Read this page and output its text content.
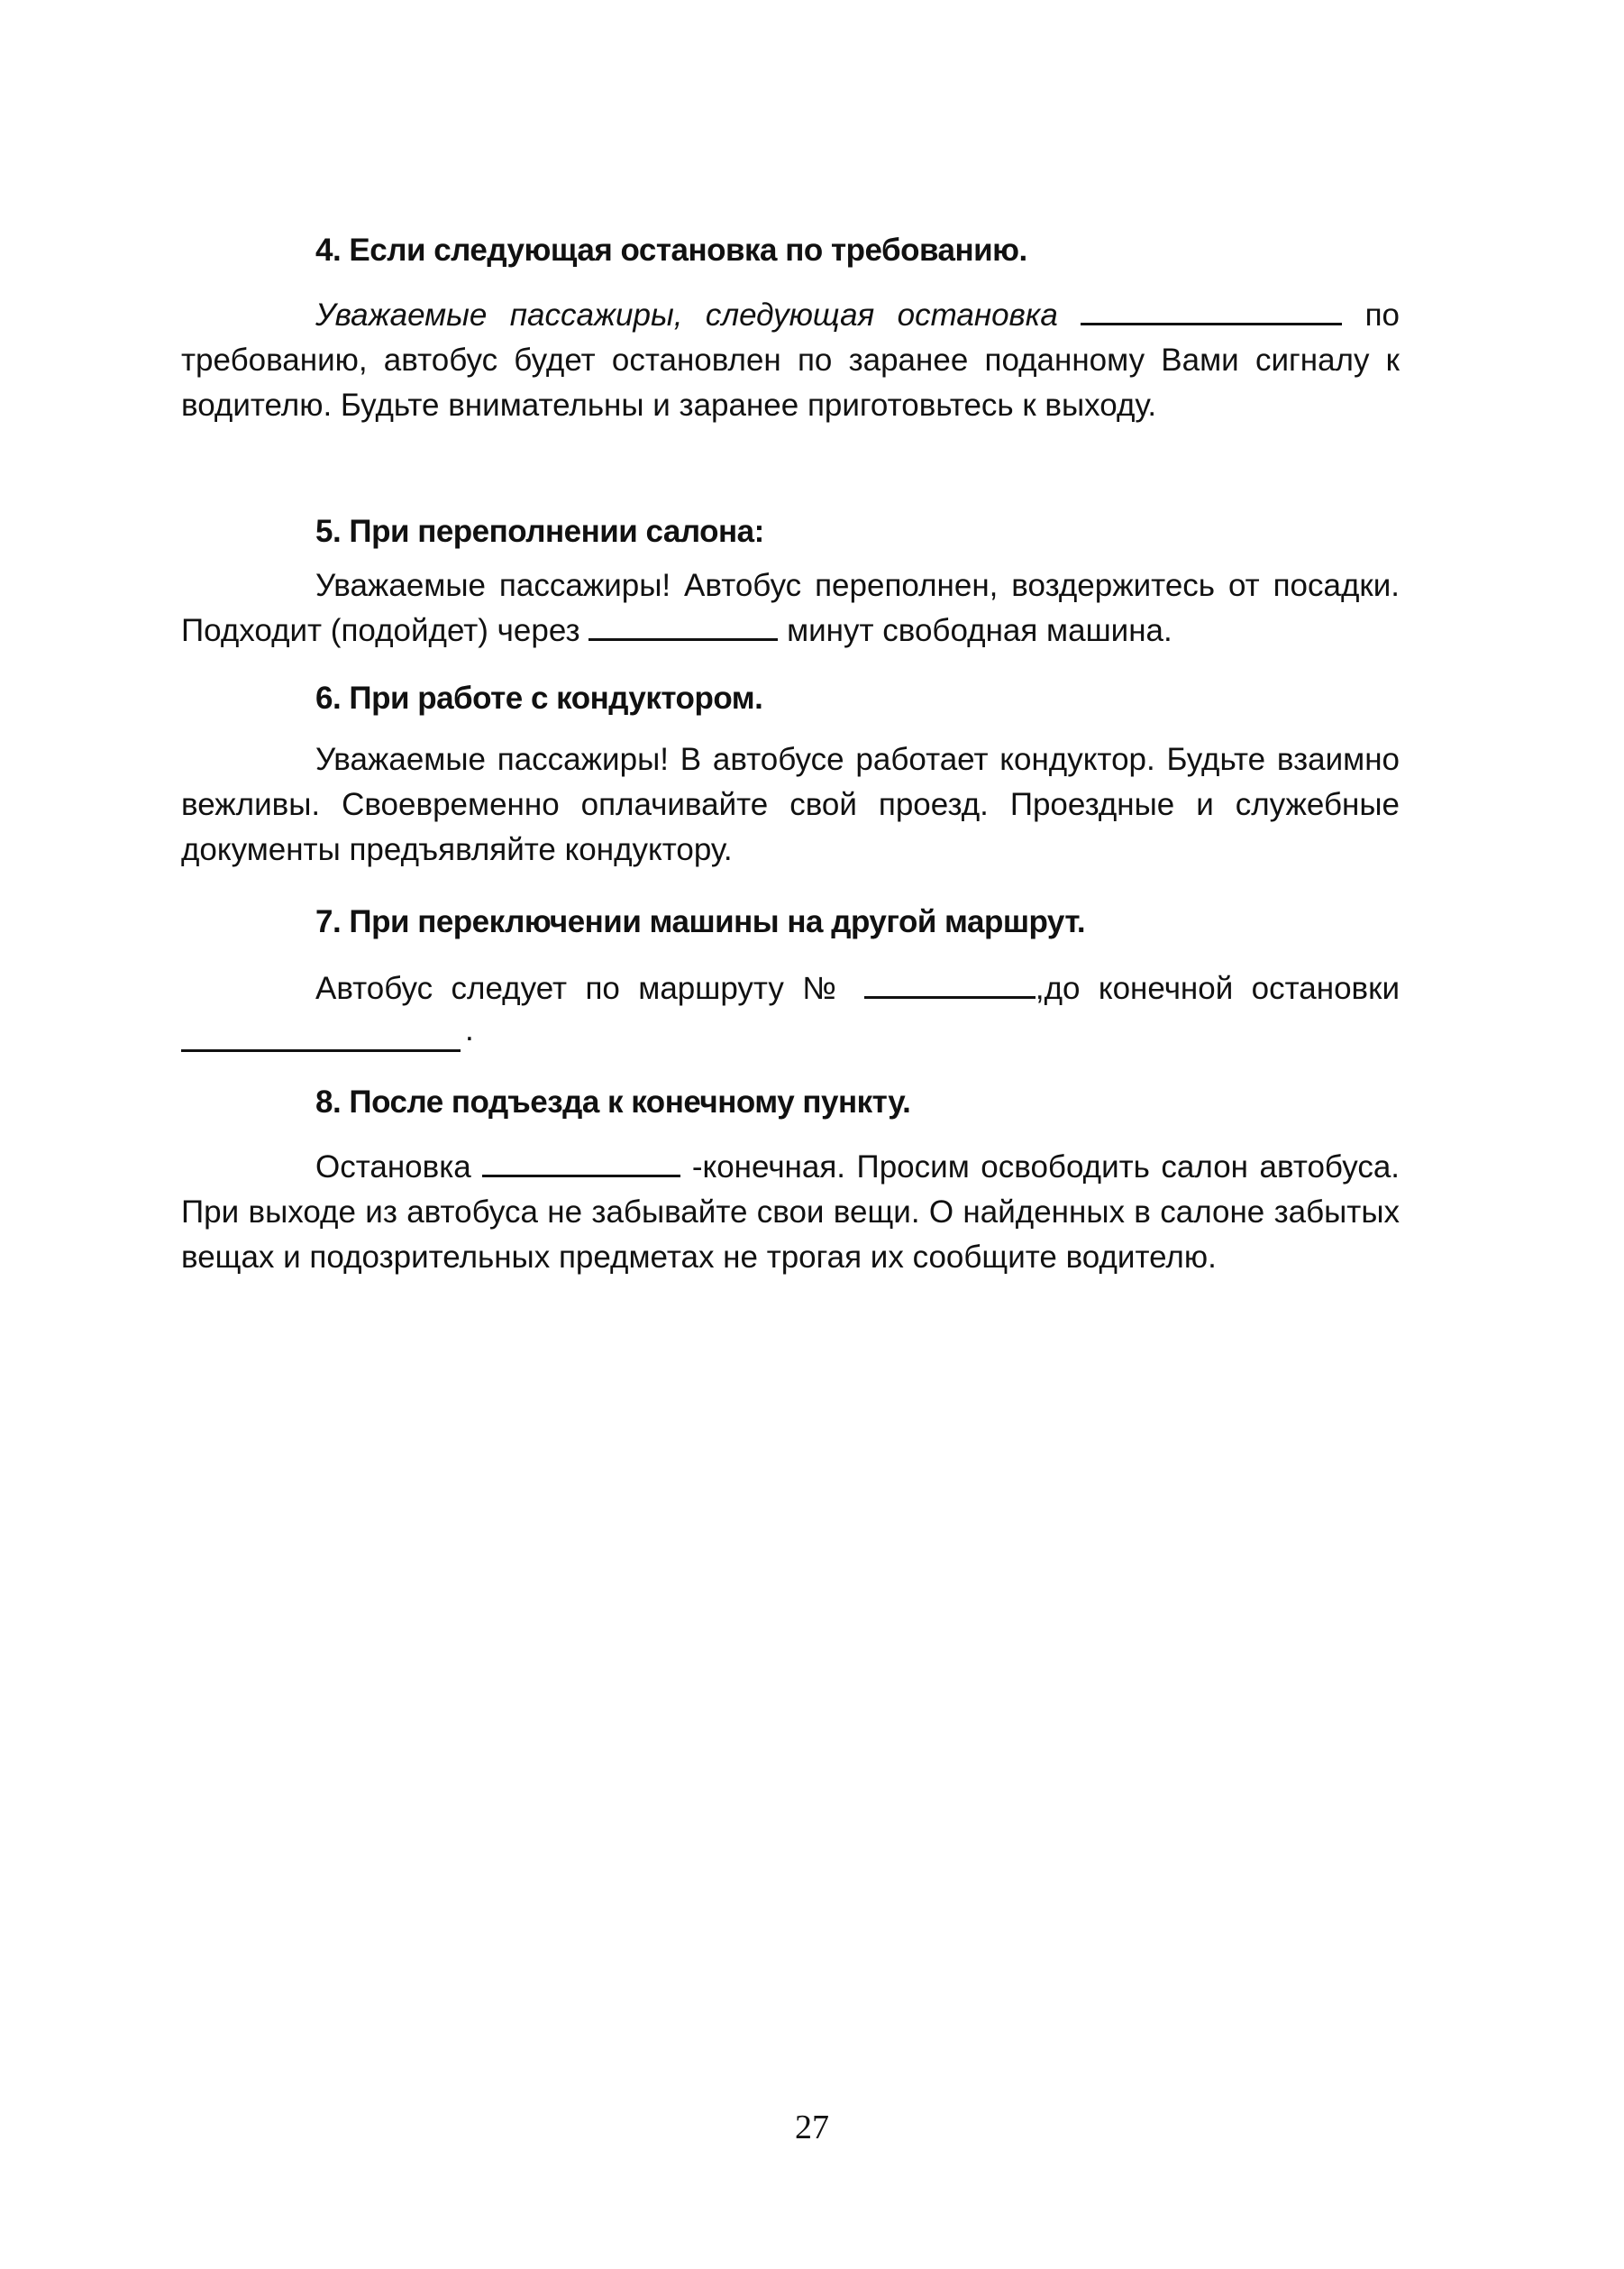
4. Если следующая остановка по требованию.

Уважаемые пассажиры, следующая остановка	по требованию, автобус будет остановлен по заранее поданному Вами сигналу к водителю. Будьте внимательны и заранее приготовьтесь к выходу.

5. При переполнении салона:

Уважаемые пассажиры! Автобус переполнен, воздержитесь от посадки. Подходит (подойдет) через	минут свободная машина.

6. При работе с кондуктором.

Уважаемые пассажиры! В автобусе работает кондуктор. Будьте взаимно вежливы. Своевременно оплачивайте свой проезд. Проездные и служебные документы предъявляйте кондуктору.

7. При переключении машины на другой маршрут.

Автобус следует по маршруту №	,до конечной остановки

.
8. После подъезда к конечному пункту.

Остановка	-конечная. Просим освободить салон автобуса. При выходе из автобуса не забывайте свои вещи. О найденных в салоне забытых вещах и подозрительных предметах не трогая их сообщите водителю.

27
